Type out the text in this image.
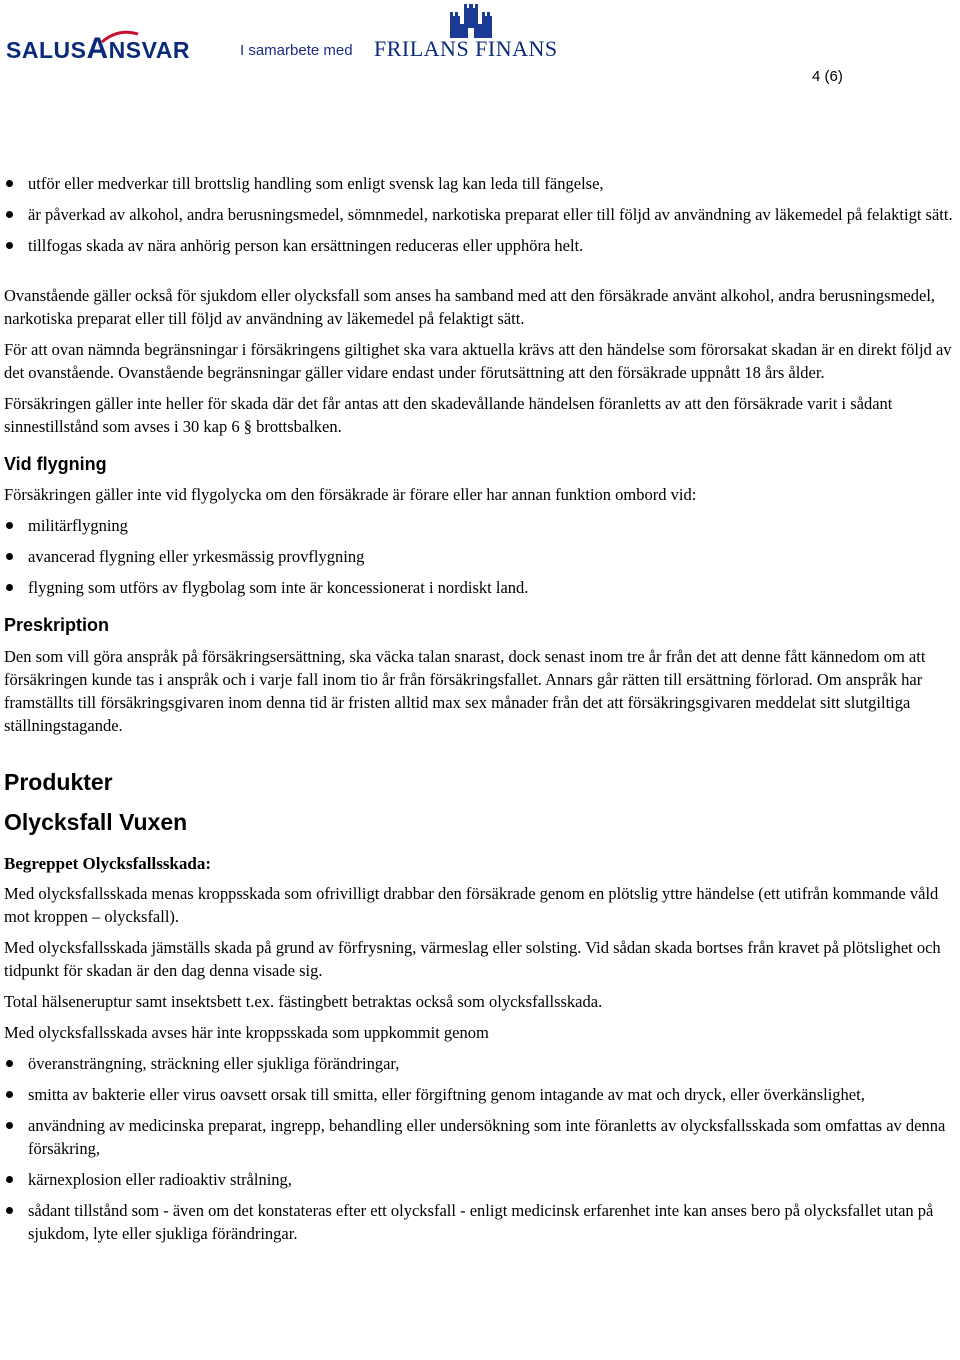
SALUSANSVAR	I samarbete med FRILANS FINANS
4 (6)
utför eller medverkar till brottslig handling som enligt svensk lag kan leda till fängelse,
är påverkad av alkohol, andra berusningsmedel, sömnmedel, narkotiska preparat eller till följd av användning av läkemedel på felaktigt sätt.
tillfogas skada av nära anhörig person kan ersättningen reduceras eller upphöra helt.

Ovanstående gäller också för sjukdom eller olycksfall som anses ha samband med att den försäkrade använt alkohol, andra berusningsmedel, narkotiska preparat eller till följd av användning av läkemedel på felaktigt sätt.

För att ovan nämnda begränsningar i försäkringens giltighet ska vara aktuella krävs att den händelse som förorsakat skadan är en direkt följd av det ovanstående. Ovanstående begränsningar gäller vidare endast under förutsättning att den försäkrade uppnått 18 års ålder.

Försäkringen gäller inte heller för skada där det får antas att den skadevållande händelsen föranletts av att den försäkrade varit i sådant sinnestillstånd som avses i 30 kap 6 § brottsbalken.

Vid flygning

Försäkringen gäller inte vid flygolycka om den försäkrade är förare eller har annan funktion ombord vid:

militärflygning
avancerad flygning eller yrkesmässig provflygning
flygning som utförs av flygbolag som inte är koncessionerat i nordiskt land.
Preskription

Den som vill göra anspråk på försäkringsersättning, ska väcka talan snarast, dock senast inom tre år från det att denne fått kännedom om att försäkringen kunde tas i anspråk och i varje fall inom tio år från försäkringsfallet. Annars går rätten till ersättning förlorad. Om anspråk har framställts till försäkringsgivaren inom denna tid är fristen alltid max sex månader från det att försäkringsgivaren meddelat sitt slutgiltiga ställningstagande.

Produkter
Olycksfall Vuxen
Begreppet Olycksfallsskada:

Med olycksfallsskada menas kroppsskada som ofrivilligt drabbar den försäkrade genom en plötslig yttre händelse (ett utifrån kommande våld mot kroppen – olycksfall).

Med olycksfallsskada jämställs skada på grund av förfrysning, värmeslag eller solsting. Vid sådan skada bortses från kravet på plötslighet och tidpunkt för skadan är den dag denna visade sig.

Total hälseneruptur samt insektsbett t.ex. fästingbett betraktas också som olycksfallsskada.

Med olycksfallsskada avses här inte kroppsskada som uppkommit genom

överansträngning, sträckning eller sjukliga förändringar,
smitta av bakterie eller virus oavsett orsak till smitta, eller förgiftning genom intagande av mat och dryck, eller överkänslighet,
användning av medicinska preparat, ingrepp, behandling eller undersökning som inte föranletts av olycksfallsskada som omfattas av denna försäkring,
kärnexplosion eller radioaktiv strålning,
sådant tillstånd som - även om det konstateras efter ett olycksfall - enligt medicinsk erfarenhet inte kan anses bero på olycksfallet utan på sjukdom, lyte eller sjukliga förändringar.
